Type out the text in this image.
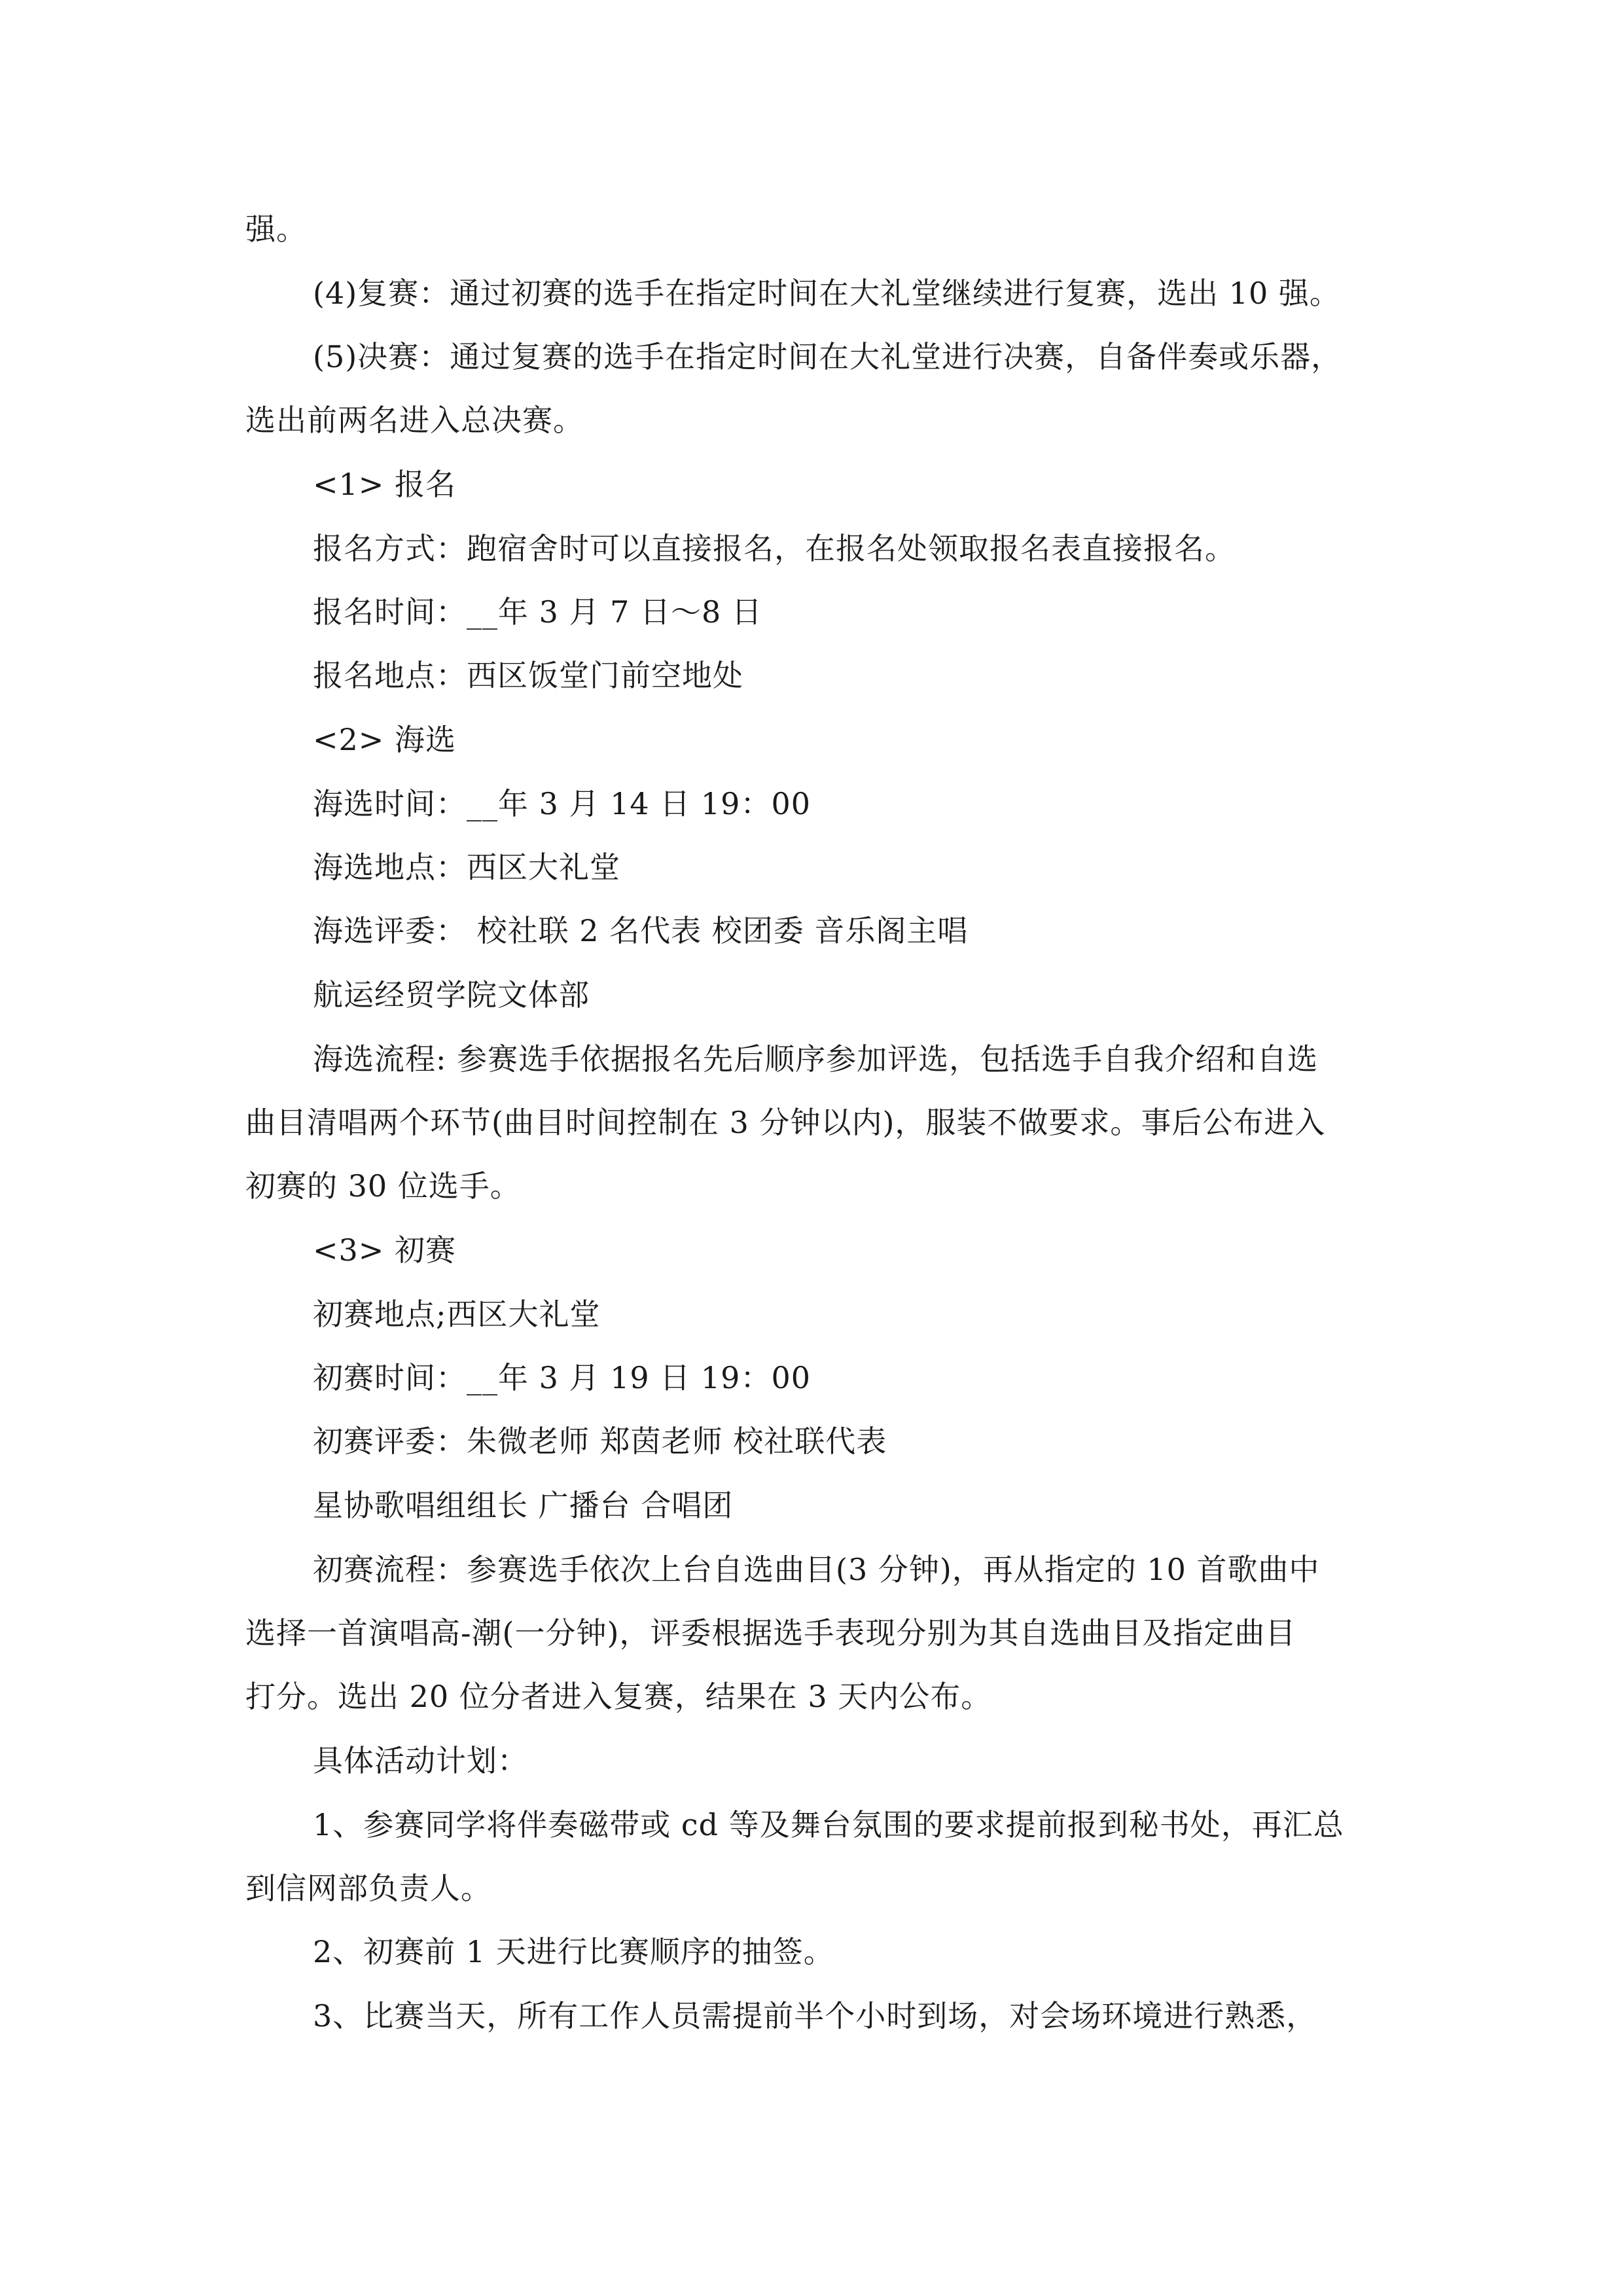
强。
(4)复赛：通过初赛的选手在指定时间在大礼堂继续进行复赛，选出 10 强。
(5)决赛：通过复赛的选手在指定时间在大礼堂进行决赛，自备伴奏或乐器，
选出前两名进入总决赛。
<1> 报名
报名方式：跑宿舍时可以直接报名，在报名处领取报名表直接报名。
报名时间：__年 3 月 7 日～8 日
报名地点：西区饭堂门前空地处
<2> 海选
海选时间：__年 3 月 14 日 19：00
海选地点：西区大礼堂
海选评委： 校社联 2 名代表 校团委 音乐阁主唱
航运经贸学院文体部
海选流程: 参赛选手依据报名先后顺序参加评选，包括选手自我介绍和自选
曲目清唱两个环节(曲目时间控制在 3 分钟以内)，服装不做要求。事后公布进入
初赛的 30 位选手。
<3> 初赛
初赛地点;西区大礼堂
初赛时间：__年 3 月 19 日 19：00
初赛评委：朱微老师 郑茵老师 校社联代表
星协歌唱组组长 广播台 合唱团
初赛流程：参赛选手依次上台自选曲目(3 分钟)，再从指定的 10 首歌曲中
选择一首演唱高-潮(一分钟)，评委根据选手表现分别为其自选曲目及指定曲目
打分。选出 20 位分者进入复赛，结果在 3 天内公布。
具体活动计划：
1、参赛同学将伴奏磁带或 cd 等及舞台氛围的要求提前报到秘书处，再汇总
到信网部负责人。
2、初赛前 1 天进行比赛顺序的抽签。
3、比赛当天，所有工作人员需提前半个小时到场，对会场环境进行熟悉，
